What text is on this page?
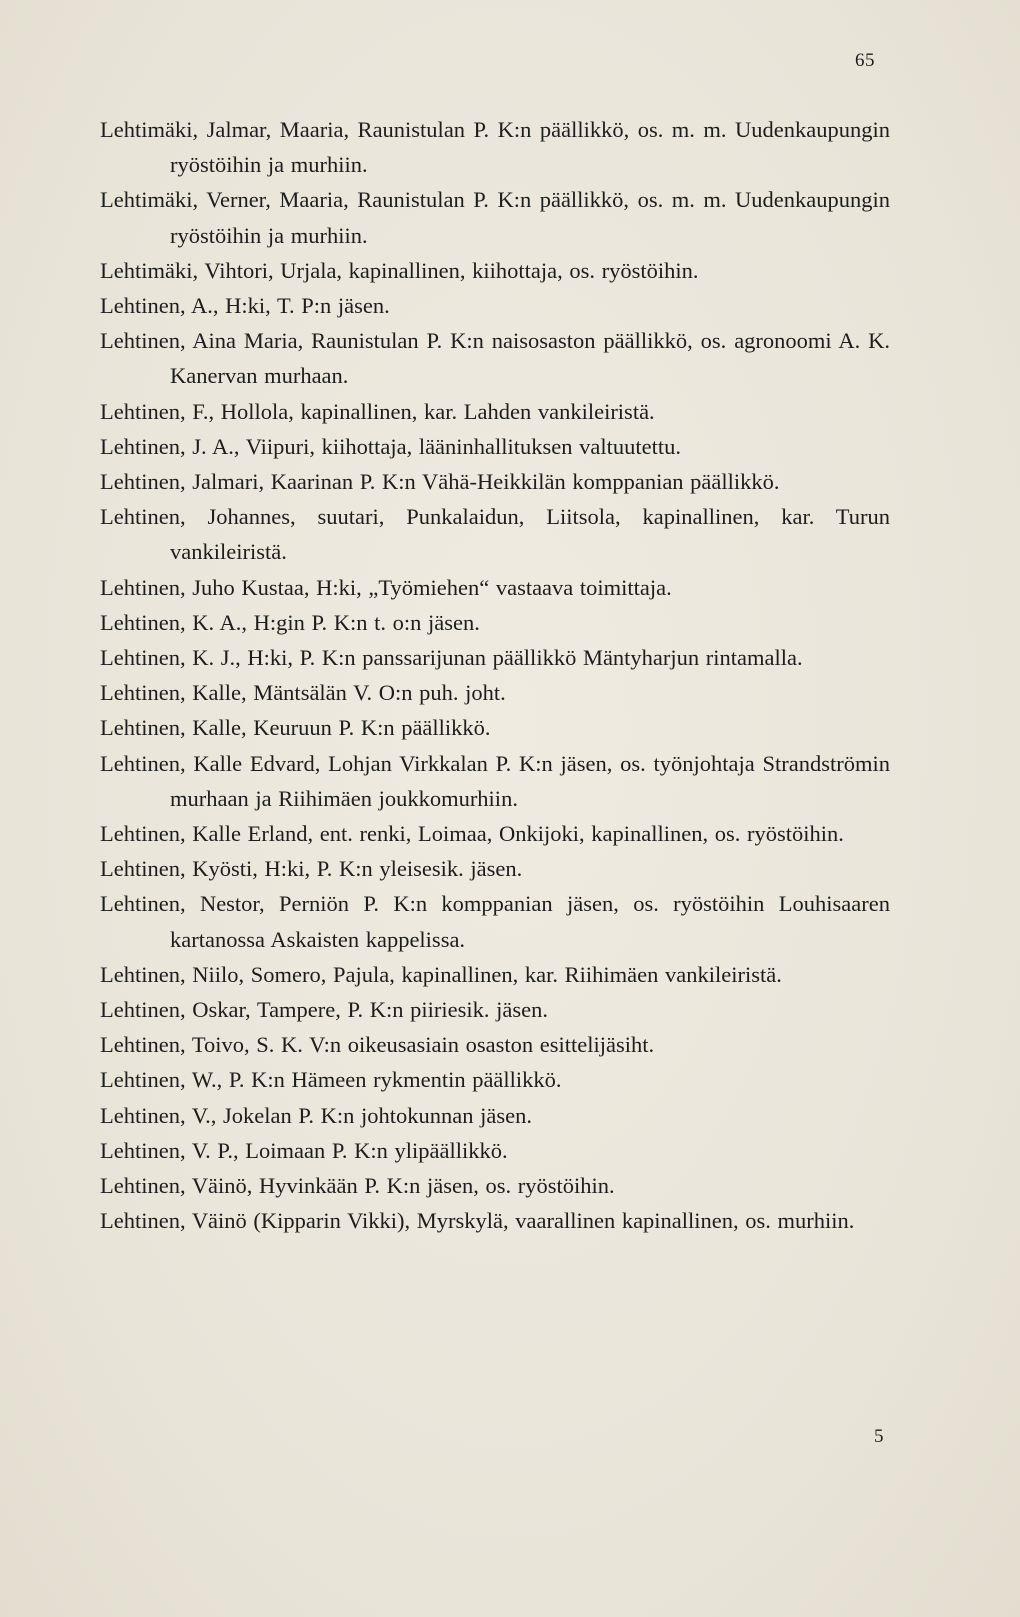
65

Lehtimäki, Jalmar, Maaria, Raunistulan P. K:n päällikkö, os. m. m. Uudenkaupungin ryöstöihin ja murhiin.

Lehtimäki, Verner, Maaria, Raunistulan P. K:n päällikkö, os. m. m. Uudenkaupungin ryöstöihin ja murhiin.

Lehtimäki, Vihtori, Urjala, kapinallinen, kiihottaja, os. ryöstöihin.

Lehtinen, A., H:ki, T. P:n jäsen.

Lehtinen, Aina Maria, Raunistulan P. K:n naisosaston päällikkö, os. agronoomi A. K. Kanervan murhaan.

Lehtinen, F., Hollola, kapinallinen, kar. Lahden vankileiristä.

Lehtinen, J. A., Viipuri, kiihottaja, lääninhallituksen valtuutettu.

Lehtinen, Jalmari, Kaarinan P. K:n Vähä-Heikkilän komppanian päällikkö.

Lehtinen, Johannes, suutari, Punkalaidun, Liitsola, kapinallinen, kar. Turun vankileiristä.

Lehtinen, Juho Kustaa, H:ki, „Työmiehen“ vastaava toimittaja.

Lehtinen, K. A., H:gin P. K:n t. o:n jäsen.

Lehtinen, K. J., H:ki, P. K:n panssarijunan päällikkö Mäntyharjun rintamalla.

Lehtinen, Kalle, Mäntsälän V. O:n puh. joht.

Lehtinen, Kalle, Keuruun P. K:n päällikkö.

Lehtinen, Kalle Edvard, Lohjan Virkkalan P. K:n jäsen, os. työnjohtaja Strandströmin murhaan ja Riihimäen joukkomurhiin.

Lehtinen, Kalle Erland, ent. renki, Loimaa, Onkijoki, kapinallinen, os. ryöstöihin.

Lehtinen, Kyösti, H:ki, P. K:n yleisesik. jäsen.

Lehtinen, Nestor, Perniön P. K:n komppanian jäsen, os. ryöstöihin Louhisaaren kartanossa Askaisten kappelissa.

Lehtinen, Niilo, Somero, Pajula, kapinallinen, kar. Riihimäen vankileiristä.

Lehtinen, Oskar, Tampere, P. K:n piiriesik. jäsen.

Lehtinen, Toivo, S. K. V:n oikeusasiain osaston esittelijäsiht.

Lehtinen, W., P. K:n Hämeen rykmentin päällikkö.

Lehtinen, V., Jokelan P. K:n johtokunnan jäsen.

Lehtinen, V. P., Loimaan P. K:n ylipäällikkö.

Lehtinen, Väinö, Hyvinkään P. K:n jäsen, os. ryöstöihin.

Lehtinen, Väinö (Kipparin Vikki), Myrskylä, vaarallinen kapinallinen, os. murhiin.

5
